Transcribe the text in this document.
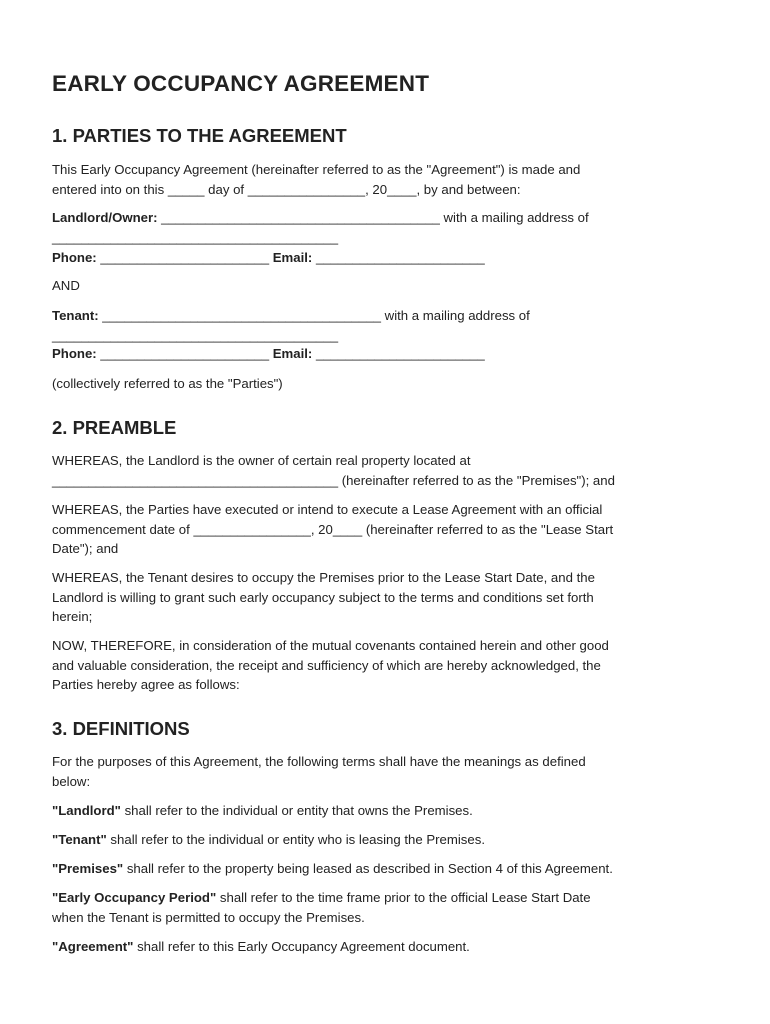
EARLY OCCUPANCY AGREEMENT
1. PARTIES TO THE AGREEMENT
This Early Occupancy Agreement (hereinafter referred to as the "Agreement") is made and
entered into on this _____ day of ________________, 20____, by and between:
Landlord/Owner: ______________________________________ with a mailing address of
_______________________________________
Phone: _______________________ Email: _______________________
AND
Tenant: ______________________________________ with a mailing address of
_______________________________________
Phone: _______________________ Email: _______________________
(collectively referred to as the "Parties")
2. PREAMBLE
WHEREAS, the Landlord is the owner of certain real property located at
_______________________________________ (hereinafter referred to as the "Premises"); and
WHEREAS, the Parties have executed or intend to execute a Lease Agreement with an official
commencement date of ________________, 20____ (hereinafter referred to as the "Lease Start
Date"); and
WHEREAS, the Tenant desires to occupy the Premises prior to the Lease Start Date, and the
Landlord is willing to grant such early occupancy subject to the terms and conditions set forth
herein;
NOW, THEREFORE, in consideration of the mutual covenants contained herein and other good
and valuable consideration, the receipt and sufficiency of which are hereby acknowledged, the
Parties hereby agree as follows:
3. DEFINITIONS
For the purposes of this Agreement, the following terms shall have the meanings as defined
below:
"Landlord" shall refer to the individual or entity that owns the Premises.
"Tenant" shall refer to the individual or entity who is leasing the Premises.
"Premises" shall refer to the property being leased as described in Section 4 of this Agreement.
"Early Occupancy Period" shall refer to the time frame prior to the official Lease Start Date
when the Tenant is permitted to occupy the Premises.
"Agreement" shall refer to this Early Occupancy Agreement document.
